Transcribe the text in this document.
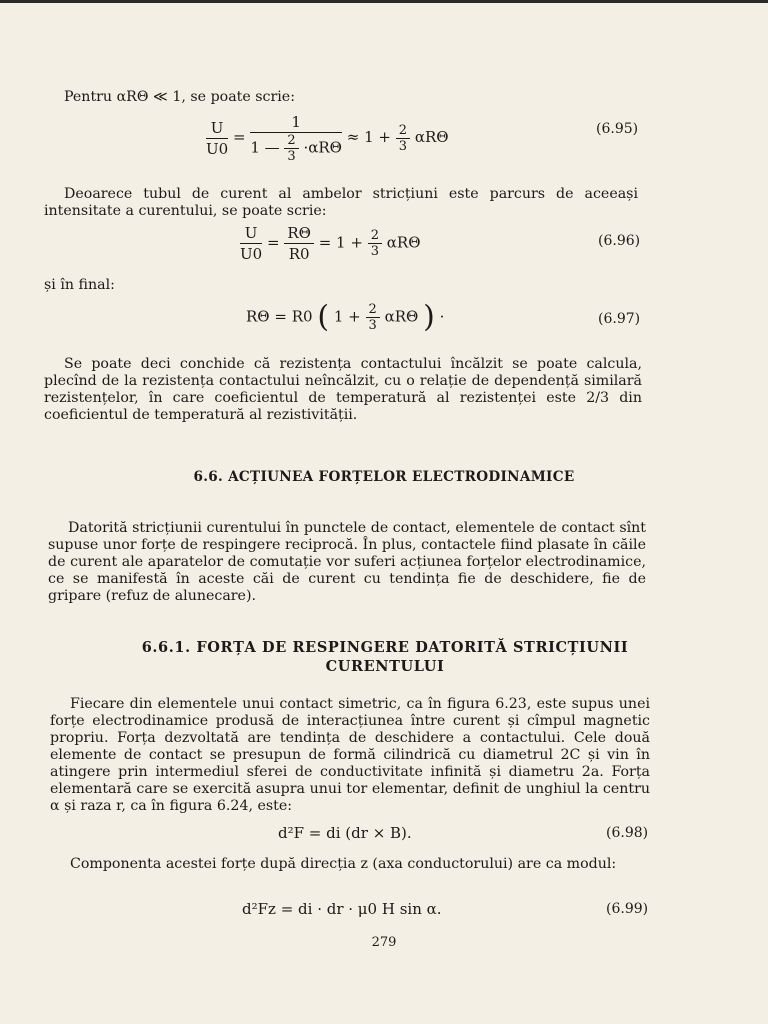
Pentru αRΘ ≪ 1, se poate scrie:

$\frac{U}{U0} = \frac{1}{1 — \frac{2}{3} \cdot\alpha R\Theta} \approx 1 + \frac{2}{3}$ αRΘ	(6.95)

Deoarece tubul de curent al ambelor stricțiuni este parcurs de aceeași intensitate a curentului, se poate scrie:

$\frac{U}{U0} = \frac{R\Theta}{R0} = 1 + \frac{2}{3}$ αRΘ	(6.96)

și în final:

RΘ = R0 ( $1 + \frac{2}{3}$ αRΘ ) ·	(6.97)

Se poate deci conchide că rezistența contactului încălzit se poate calcula, plecînd de la rezistența contactului neîncălzit, cu o relație de dependență similară rezistențelor, în care coeficientul de temperatură al rezistenței este 2/3 din coeficientul de temperatură al rezistivității.

6.6. ACȚIUNEA FORȚELOR ELECTRODINAMICE

Datorită stricțiunii curentului în punctele de contact, elementele de contact sînt supuse unor forțe de respingere reciprocă. În plus, contactele fiind plasate în căile de curent ale aparatelor de comutație vor suferi acțiunea forțelor electrodinamice, ce se manifestă în aceste căi de curent cu tendința fie de deschidere, fie de gripare (refuz de alunecare).

6.6.1. FORȚA DE RESPINGERE DATORITĂ STRICȚIUNII CURENTULUI

Fiecare din elementele unui contact simetric, ca în figura 6.23, este supus unei forțe electrodinamice produsă de interacțiunea între curent și cîmpul magnetic propriu. Forța dezvoltată are tendința de deschidere a contactului. Cele două elemente de contact se presupun de formă cilindrică cu diametrul 2C și vin în atingere prin intermediul sferei de conductivitate infinită și diametru 2a. Forța elementară care se exercită asupra unui tor elementar, definit de unghiul la centru α și raza r, ca în figura 6.24, este:

d²F = di (dr × B).	(6.98)

Componenta acestei forțe după direcția z (axa conductorului) are ca modul:

d²Fz = di · dr · μ0 H sin α.	(6.99)
279
